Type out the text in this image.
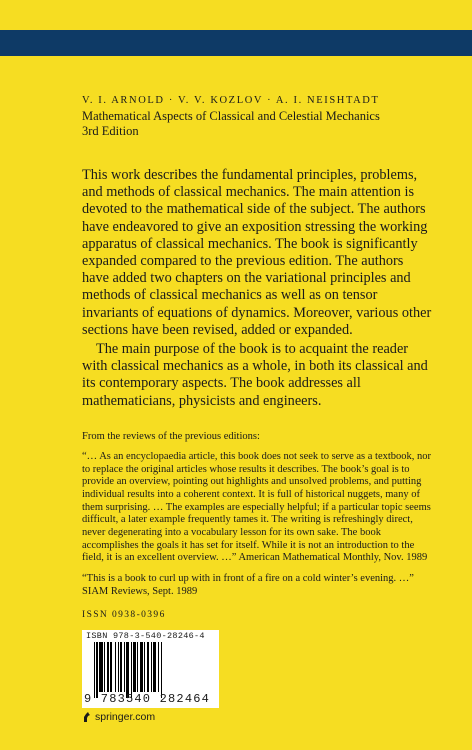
V. I. ARNOLD · V. V. KOZLOV · A. I. NEISHTADT
Mathematical Aspects of Classical and Celestial Mechanics
3rd Edition

This work describes the fundamental principles, problems, and methods of classical mechanics. The main attention is devoted to the mathematical side of the subject. The authors have endeavored to give an exposition stressing the working apparatus of classical mechanics. The book is significantly expanded compared to the previous edition. The authors have added two chapters on the variational principles and methods of classical mechanics as well as on tensor invariants of equations of dynamics. Moreover, various other sections have been revised, added or expanded.

The main purpose of the book is to acquaint the reader with classical mechanics as a whole, in both its classical and its contemporary aspects. The book addresses all mathematicians, physicists and engineers.

From the reviews of the previous editions:
“… As an encyclopaedia article, this book does not seek to serve as a textbook, nor to replace the original articles whose results it describes. The book’s goal is to provide an overview, pointing out highlights and unsolved problems, and putting individual results into a coherent context. It is full of historical nuggets, many of them surprising. … The examples are especially helpful; if a particular topic seems difficult, a later example frequently tames it. The writing is refreshingly direct, never degenerating into a vocabulary lesson for its own sake. The book accomplishes the goals it has set for itself. While it is not an introduction to the field, it is an excellent overview. …” American Mathematical Monthly, Nov. 1989
“This is a book to curl up with in front of a fire on a cold winter’s evening. …” SIAM Reviews, Sept. 1989
ISSN 0938-0396
ISBN 978-3-540-28246-4
9 783540 282464
springer.com
